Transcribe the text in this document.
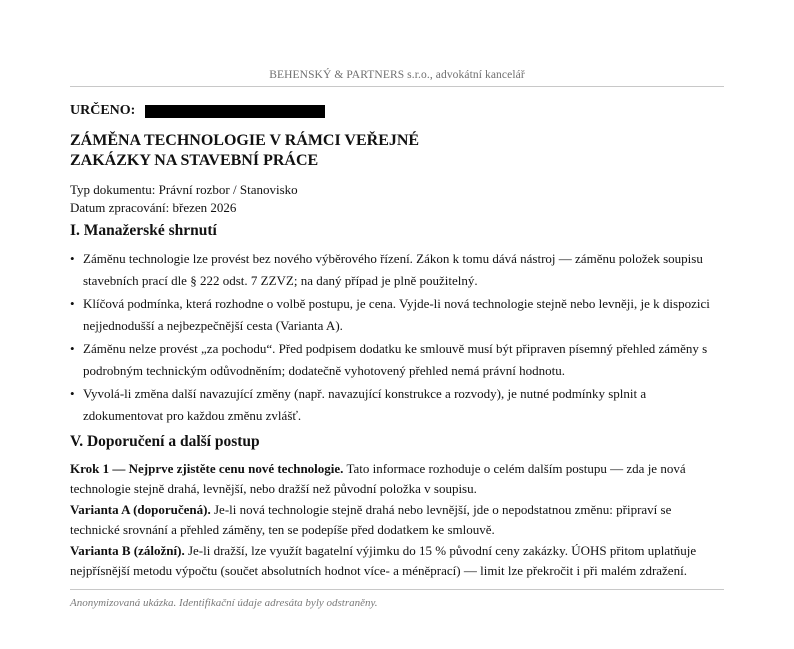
BEHENSKÝ & PARTNERS s.r.o., advokátní kancelář
URČENO:
ZÁMĚNA TECHNOLOGIE V RÁMCI VEŘEJNÉ
ZAKÁZKY NA STAVEBNÍ PRÁCE
Typ dokumentu: Právní rozbor / Stanovisko
Datum zpracování: březen 2026
I. Manažerské shrnutí
• Záměnu technologie lze provést bez nového výběrového řízení. Zákon k tomu dává nástroj — záměnu položek soupisu stavebních prací dle § 222 odst. 7 ZZVZ; na daný případ je plně použitelný.
• Klíčová podmínka, která rozhodne o volbě postupu, je cena. Vyjde-li nová technologie stejně nebo levněji, je k dispozici nejjednodušší a nejbezpečnější cesta (Varianta A).
• Záměnu nelze provést „za pochodu“. Před podpisem dodatku ke smlouvě musí být připraven písemný přehled záměny s podrobným technickým odůvodněním; dodatečně vyhotovený přehled nemá právní hodnotu.
• Vyvolá-li změna další navazující změny (např. navazující konstrukce a rozvody), je nutné podmínky splnit a zdokumentovat pro každou změnu zvlášť.
V. Doporučení a další postup

Krok 1 — Nejprve zjistěte cenu nové technologie. Tato informace rozhoduje o celém dalším postupu — zda je nová technologie stejně drahá, levnější, nebo dražší než původní položka v soupisu.

Varianta A (doporučená). Je-li nová technologie stejně drahá nebo levnější, jde o nepodstatnou změnu: připraví se technické srovnání a přehled záměny, ten se podepíše před dodatkem ke smlouvě.

Varianta B (záložní). Je-li dražší, lze využít bagatelní výjimku do 15 % původní ceny zakázky. ÚOHS přitom uplatňuje nejpřísnější metodu výpočtu (součet absolutních hodnot více- a méněprací) — limit lze překročit i při malém zdražení.

Anonymizovaná ukázka. Identifikační údaje adresáta byly odstraněny.
